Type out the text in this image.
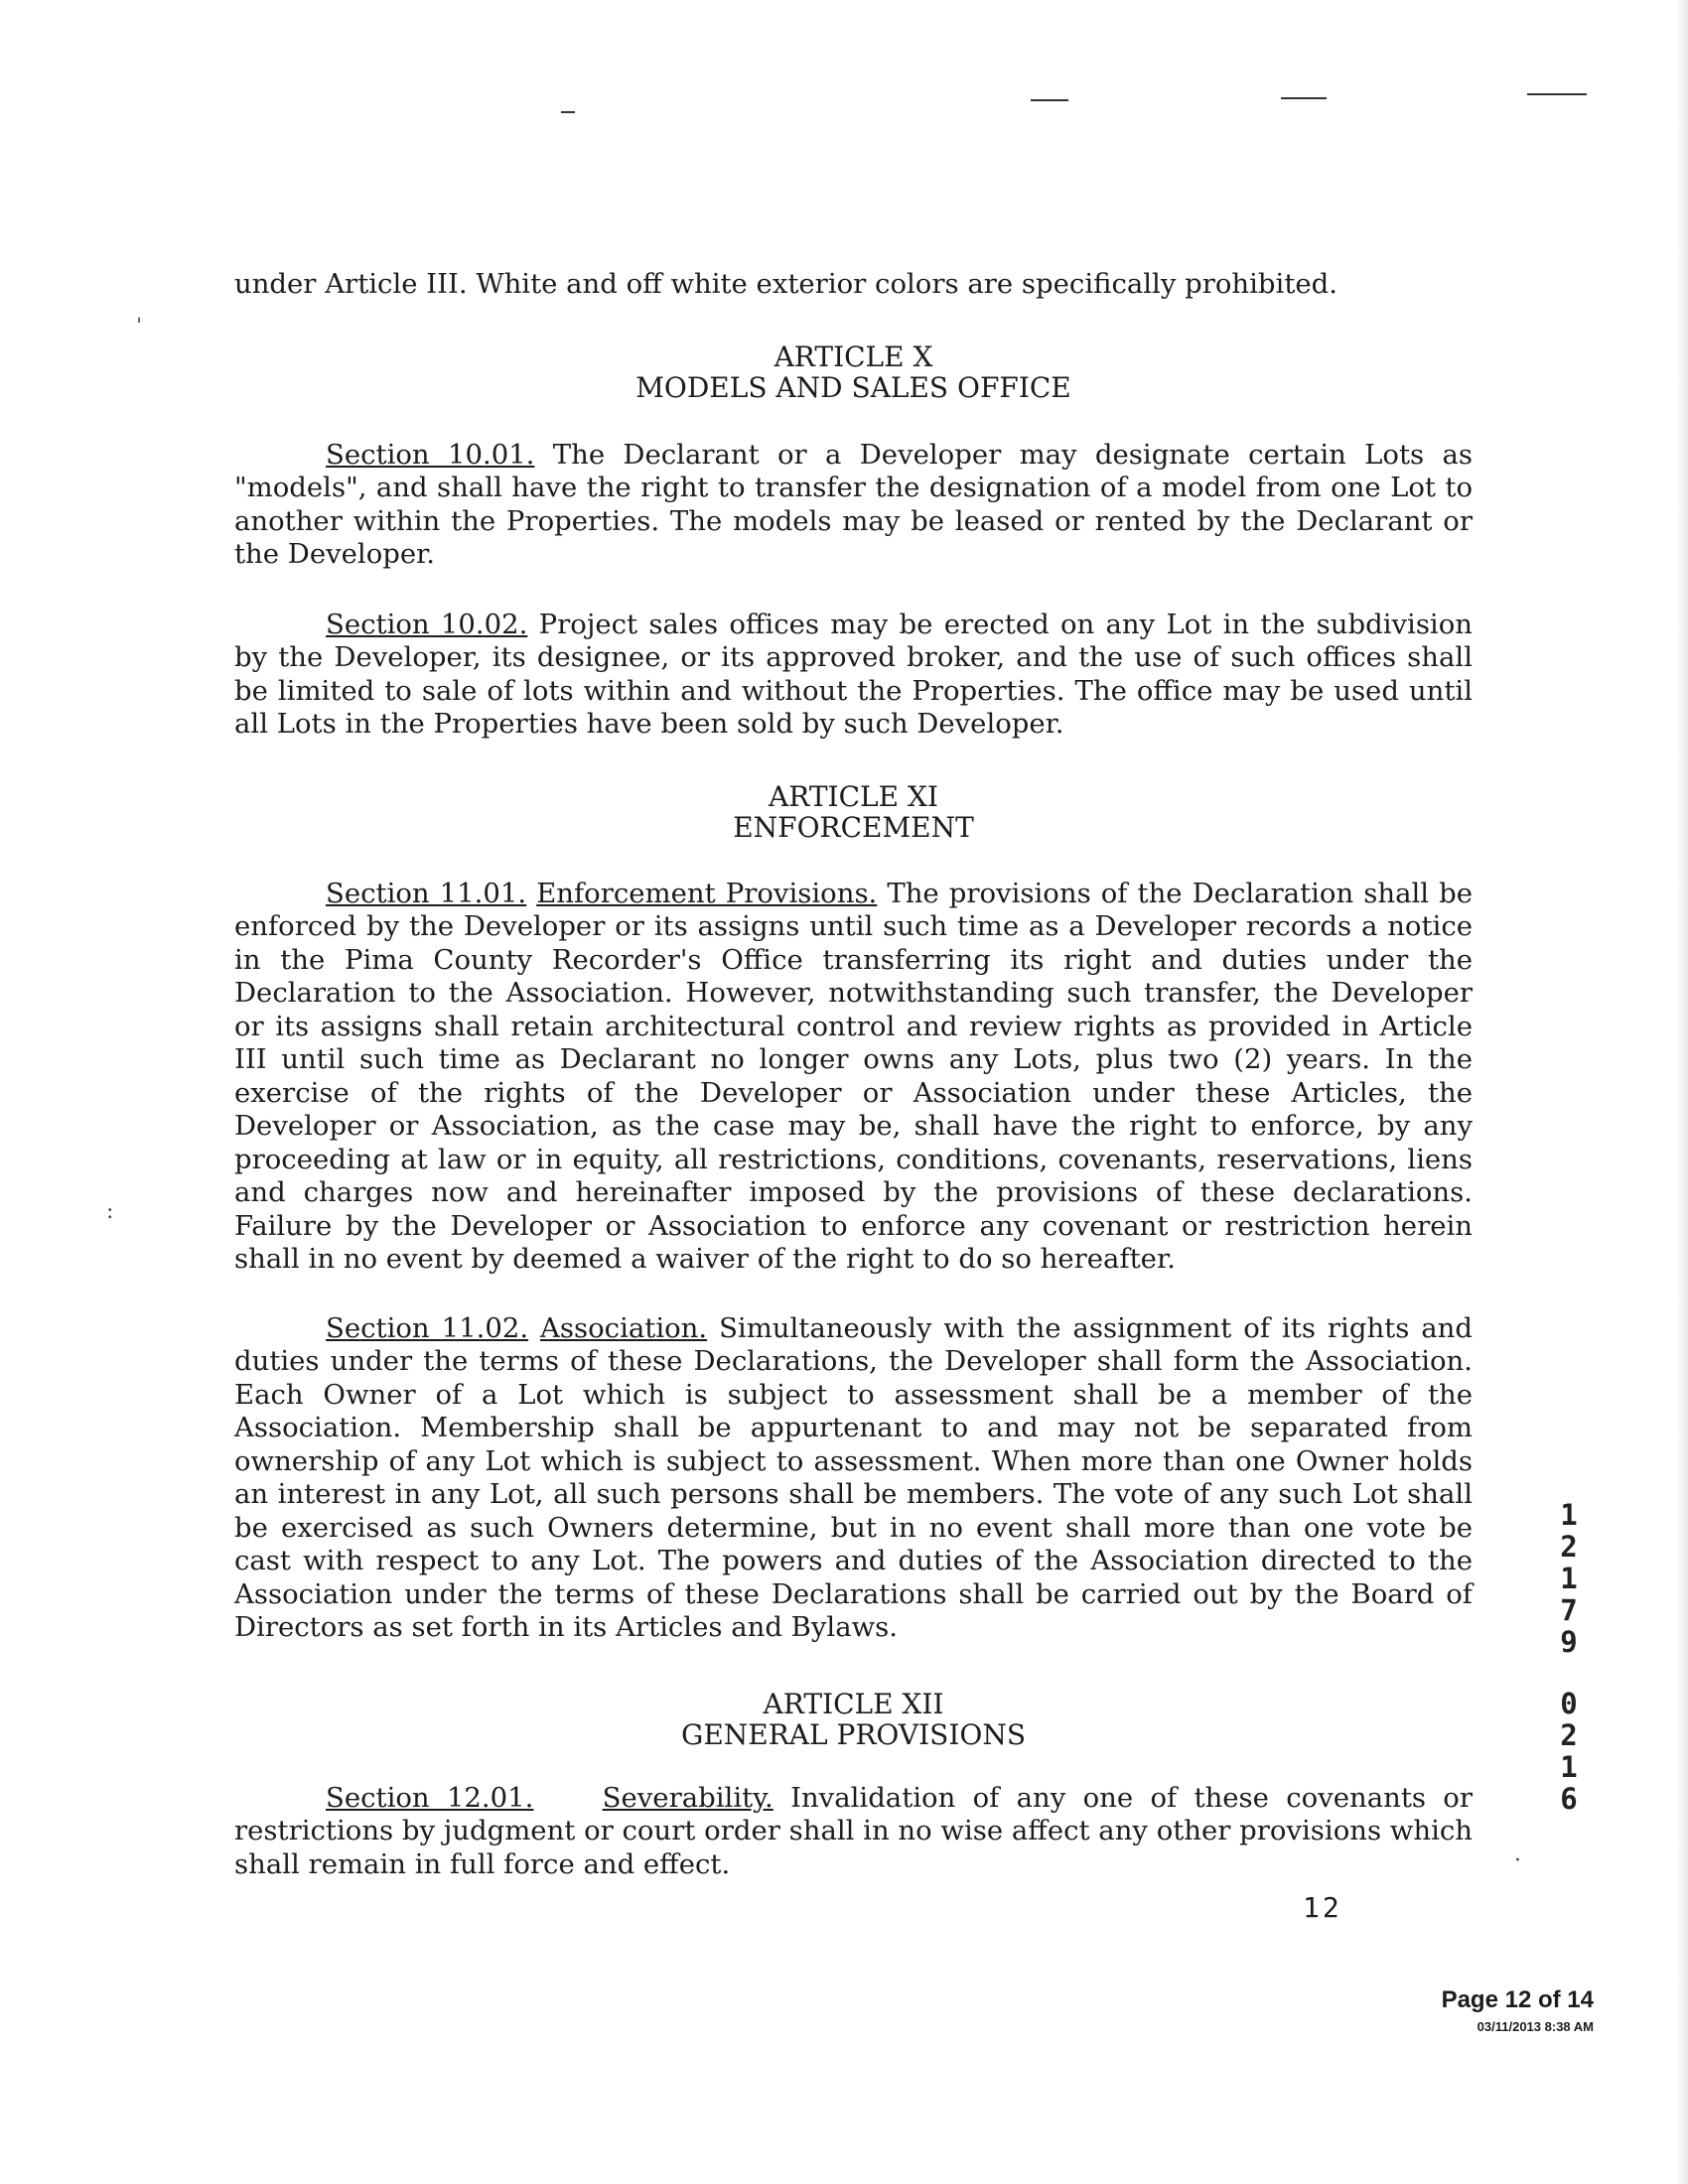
ˈ
:
·

under Article III. White and off white exterior colors are specifically prohibited.

ARTICLE X
MODELS AND SALES OFFICE

Section 10.01. The Declarant or a Developer may designate certain Lots as "models", and shall have the right to transfer the designation of a model from one Lot to another within the Properties. The models may be leased or rented by the Declarant or the Developer.

Section 10.02. Project sales offices may be erected on any Lot in the subdivision by the Developer, its designee, or its approved broker, and the use of such offices shall be limited to sale of lots within and without the Properties. The office may be used until all Lots in the Properties have been sold by such Developer.

ARTICLE XI
ENFORCEMENT

Section 11.01. Enforcement Provisions. The provisions of the Declaration shall be enforced by the Developer or its assigns until such time as a Developer records a notice in the Pima County Recorder's Office transferring its right and duties under the Declaration to the Association. However, notwithstanding such transfer, the Developer or its assigns shall retain architectural control and review rights as provided in Article III until such time as Declarant no longer owns any Lots, plus two (2) years. In the exercise of the rights of the Developer or Association under these Articles, the Developer or Association, as the case may be, shall have the right to enforce, by any proceeding at law or in equity, all restrictions, conditions, covenants, reservations, liens and charges now and hereinafter imposed by the provisions of these declarations. Failure by the Developer or Association to enforce any covenant or restriction herein shall in no event by deemed a waiver of the right to do so hereafter.

Section 11.02. Association. Simultaneously with the assignment of its rights and duties under the terms of these Declarations, the Developer shall form the Association. Each Owner of a Lot which is subject to assessment shall be a member of the Association. Membership shall be appurtenant to and may not be separated from ownership of any Lot which is subject to assessment. When more than one Owner holds an interest in any Lot, all such persons shall be members. The vote of any such Lot shall be exercised as such Owners determine, but in no event shall more than one vote be cast with respect to any Lot. The powers and duties of the Association directed to the Association under the terms of these Declarations shall be carried out by the Board of Directors as set forth in its Articles and Bylaws.

ARTICLE XII
GENERAL PROVISIONS

Section 12.01.	Severability. Invalidation of any one of these covenants or restrictions by judgment or court order shall in no wise affect any other provisions which shall remain in full force and effect.

12
1
2
1
7
9
0
2
1
6
Page 12 of 14
03/11/2013 8:38 AM
